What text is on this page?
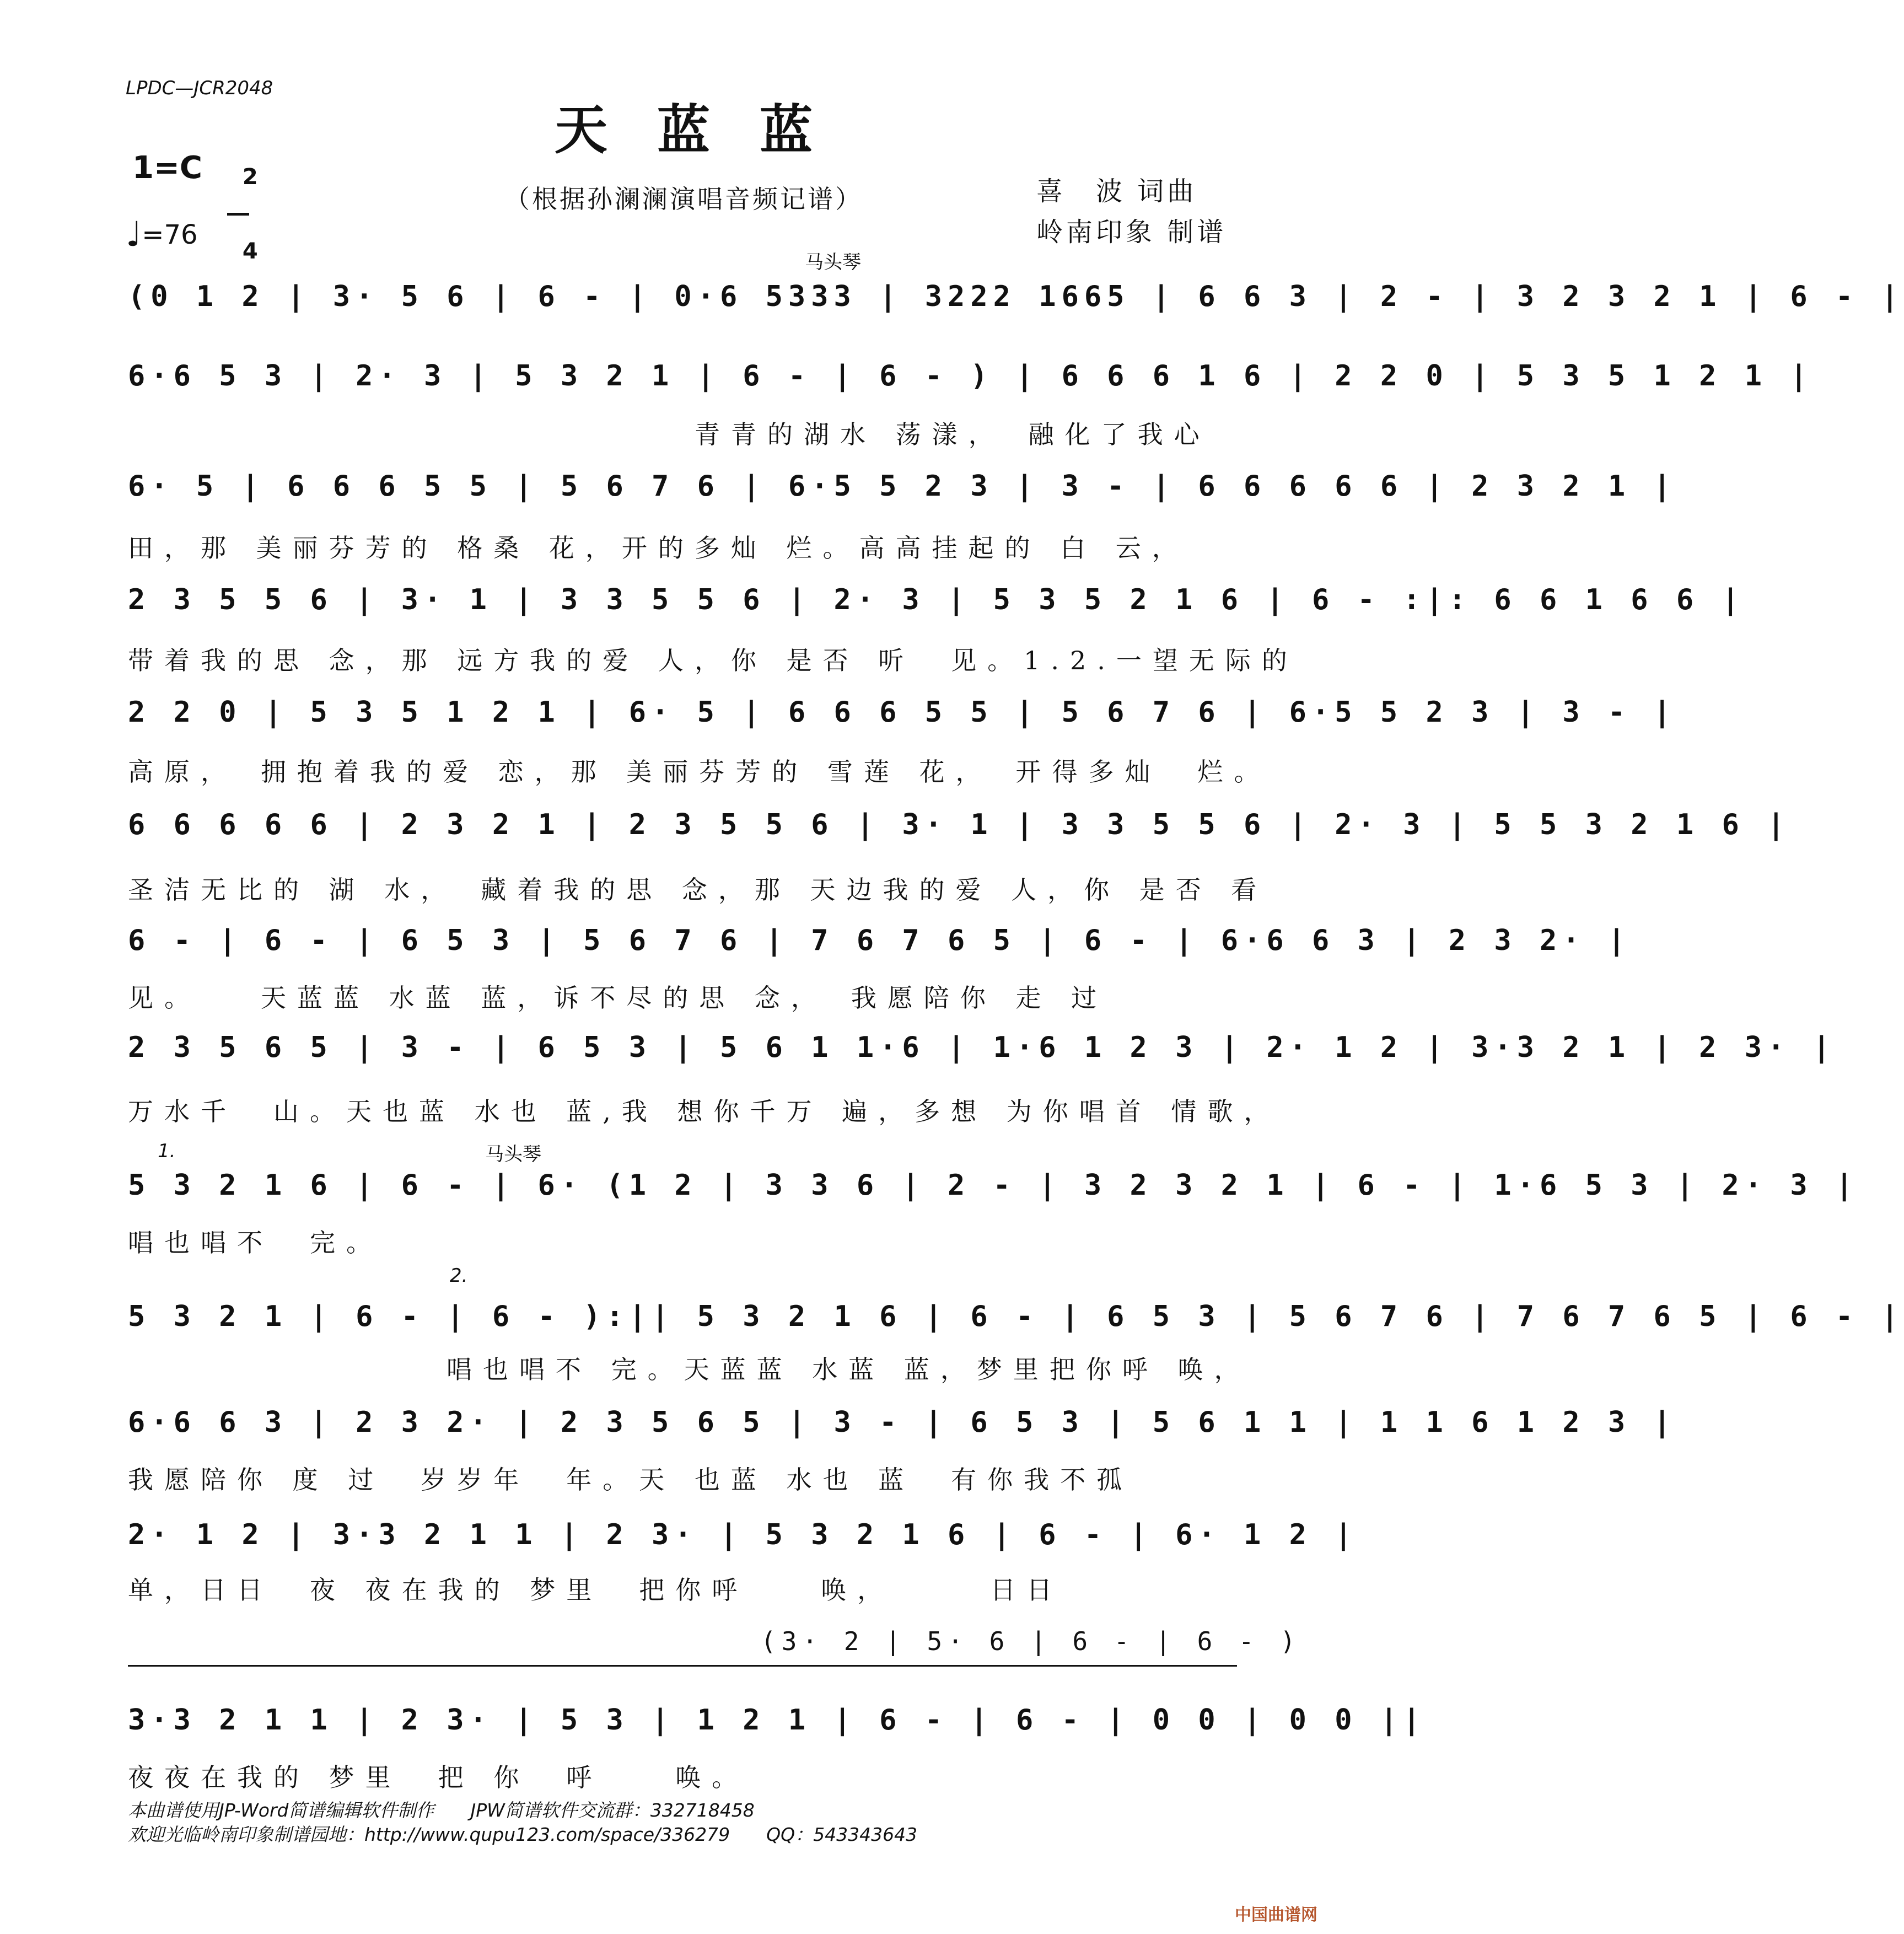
LPDC—JCR2048
天蓝蓝
1=C	2

4

♩=76
（根据孙澜澜演唱音频记谱）	喜　波 词曲
岭南印象 制谱
马头琴
(0 1 2 | 3· 5 6 | 6 - | 0·6 5333 | 3222 1665 | 6 6 3 | 2 - | 3 2 3 2 1 | 6 - |
6·6 5 3 | 2· 3 | 5 3 2 1 | 6 - | 6 - ) | 6 6 6 1 6 | 2 2 0 | 5 3 5 1 2 1 |
青青的湖水 荡漾，　融化了我心
6· 5 | 6 6 6 5 5 | 5 6 7 6 | 6·5 5 2 3 | 3 - | 6 6 6 6 6 | 2 3 2 1 |
田，那 美丽芬芳的 格桑 花，开的多灿 烂。高高挂起的 白 云，
2 3 5 5 6 | 3· 1 | 3 3 5 5 6 | 2· 3 | 5 3 5 2 1 6 | 6 - :|: 6 6 1 6 6 |
带着我的思 念，那 远方我的爱 人，你 是否 听　见。1.2.一望无际的
2 2 0 | 5 3 5 1 2 1 | 6· 5 | 6 6 6 5 5 | 5 6 7 6 | 6·5 5 2 3 | 3 - |
高原，　拥抱着我的爱 恋，那 美丽芬芳的 雪莲 花，　开得多灿　烂。
6 6 6 6 6 | 2 3 2 1 | 2 3 5 5 6 | 3· 1 | 3 3 5 5 6 | 2· 3 | 5 5 3 2 1 6 |
圣洁无比的 湖 水，　藏着我的思 念，那 天边我的爱 人，你 是否 看
6 - | 6 - | 6 5 3 | 5 6 7 6 | 7 6 7 6 5 | 6 - | 6·6 6 3 | 2 3 2· |
见。　　天蓝蓝 水蓝 蓝，诉不尽的思 念，　我愿陪你 走 过
2 3 5 6 5 | 3 - | 6 5 3 | 5 6 1 1·6 | 1·6 1 2 3 | 2· 1 2 | 3·3 2 1 | 2 3· |
万水千　山。天也蓝 水也 蓝,我 想你千万 遍，多想 为你唱首 情歌，
1.	马头琴
5 3 2 1 6 | 6 - | 6· (1 2 | 3 3 6 | 2 - | 3 2 3 2 1 | 6 - | 1·6 5 3 | 2· 3 |
唱也唱不　完。
2.
5 3 2 1 | 6 - | 6 - ):|| 5 3 2 1 6 | 6 - | 6 5 3 | 5 6 7 6 | 7 6 7 6 5 | 6 - |
唱也唱不 完。天蓝蓝 水蓝 蓝，梦里把你呼 唤，
6·6 6 3 | 2 3 2· | 2 3 5 6 5 | 3 - | 6 5 3 | 5 6 1 1 | 1 1 6 1 2 3 |
我愿陪你 度 过　岁岁年　年。天 也蓝 水也 蓝　有你我不孤
2· 1 2 | 3·3 2 1 1 | 2 3· | 5 3 2 1 6 | 6 - | 6· 1 2 |
单，日日　夜 夜在我的 梦里　把你呼　　唤，　　　日日
(3· 2 | 5· 6 | 6 - | 6 - )
3·3 2 1 1 | 2 3· | 5 3 | 1 2 1 | 6 - | 6 - | 0 0 | 0 0 ||
夜夜在我的 梦里　把 你　呼　　唤。
本曲谱使用JP-Word简谱编辑软件制作　　JPW简谱软件交流群：332718458
欢迎光临岭南印象制谱园地：http://www.qupu123.com/space/336279　　QQ：543343643
中国曲谱网
